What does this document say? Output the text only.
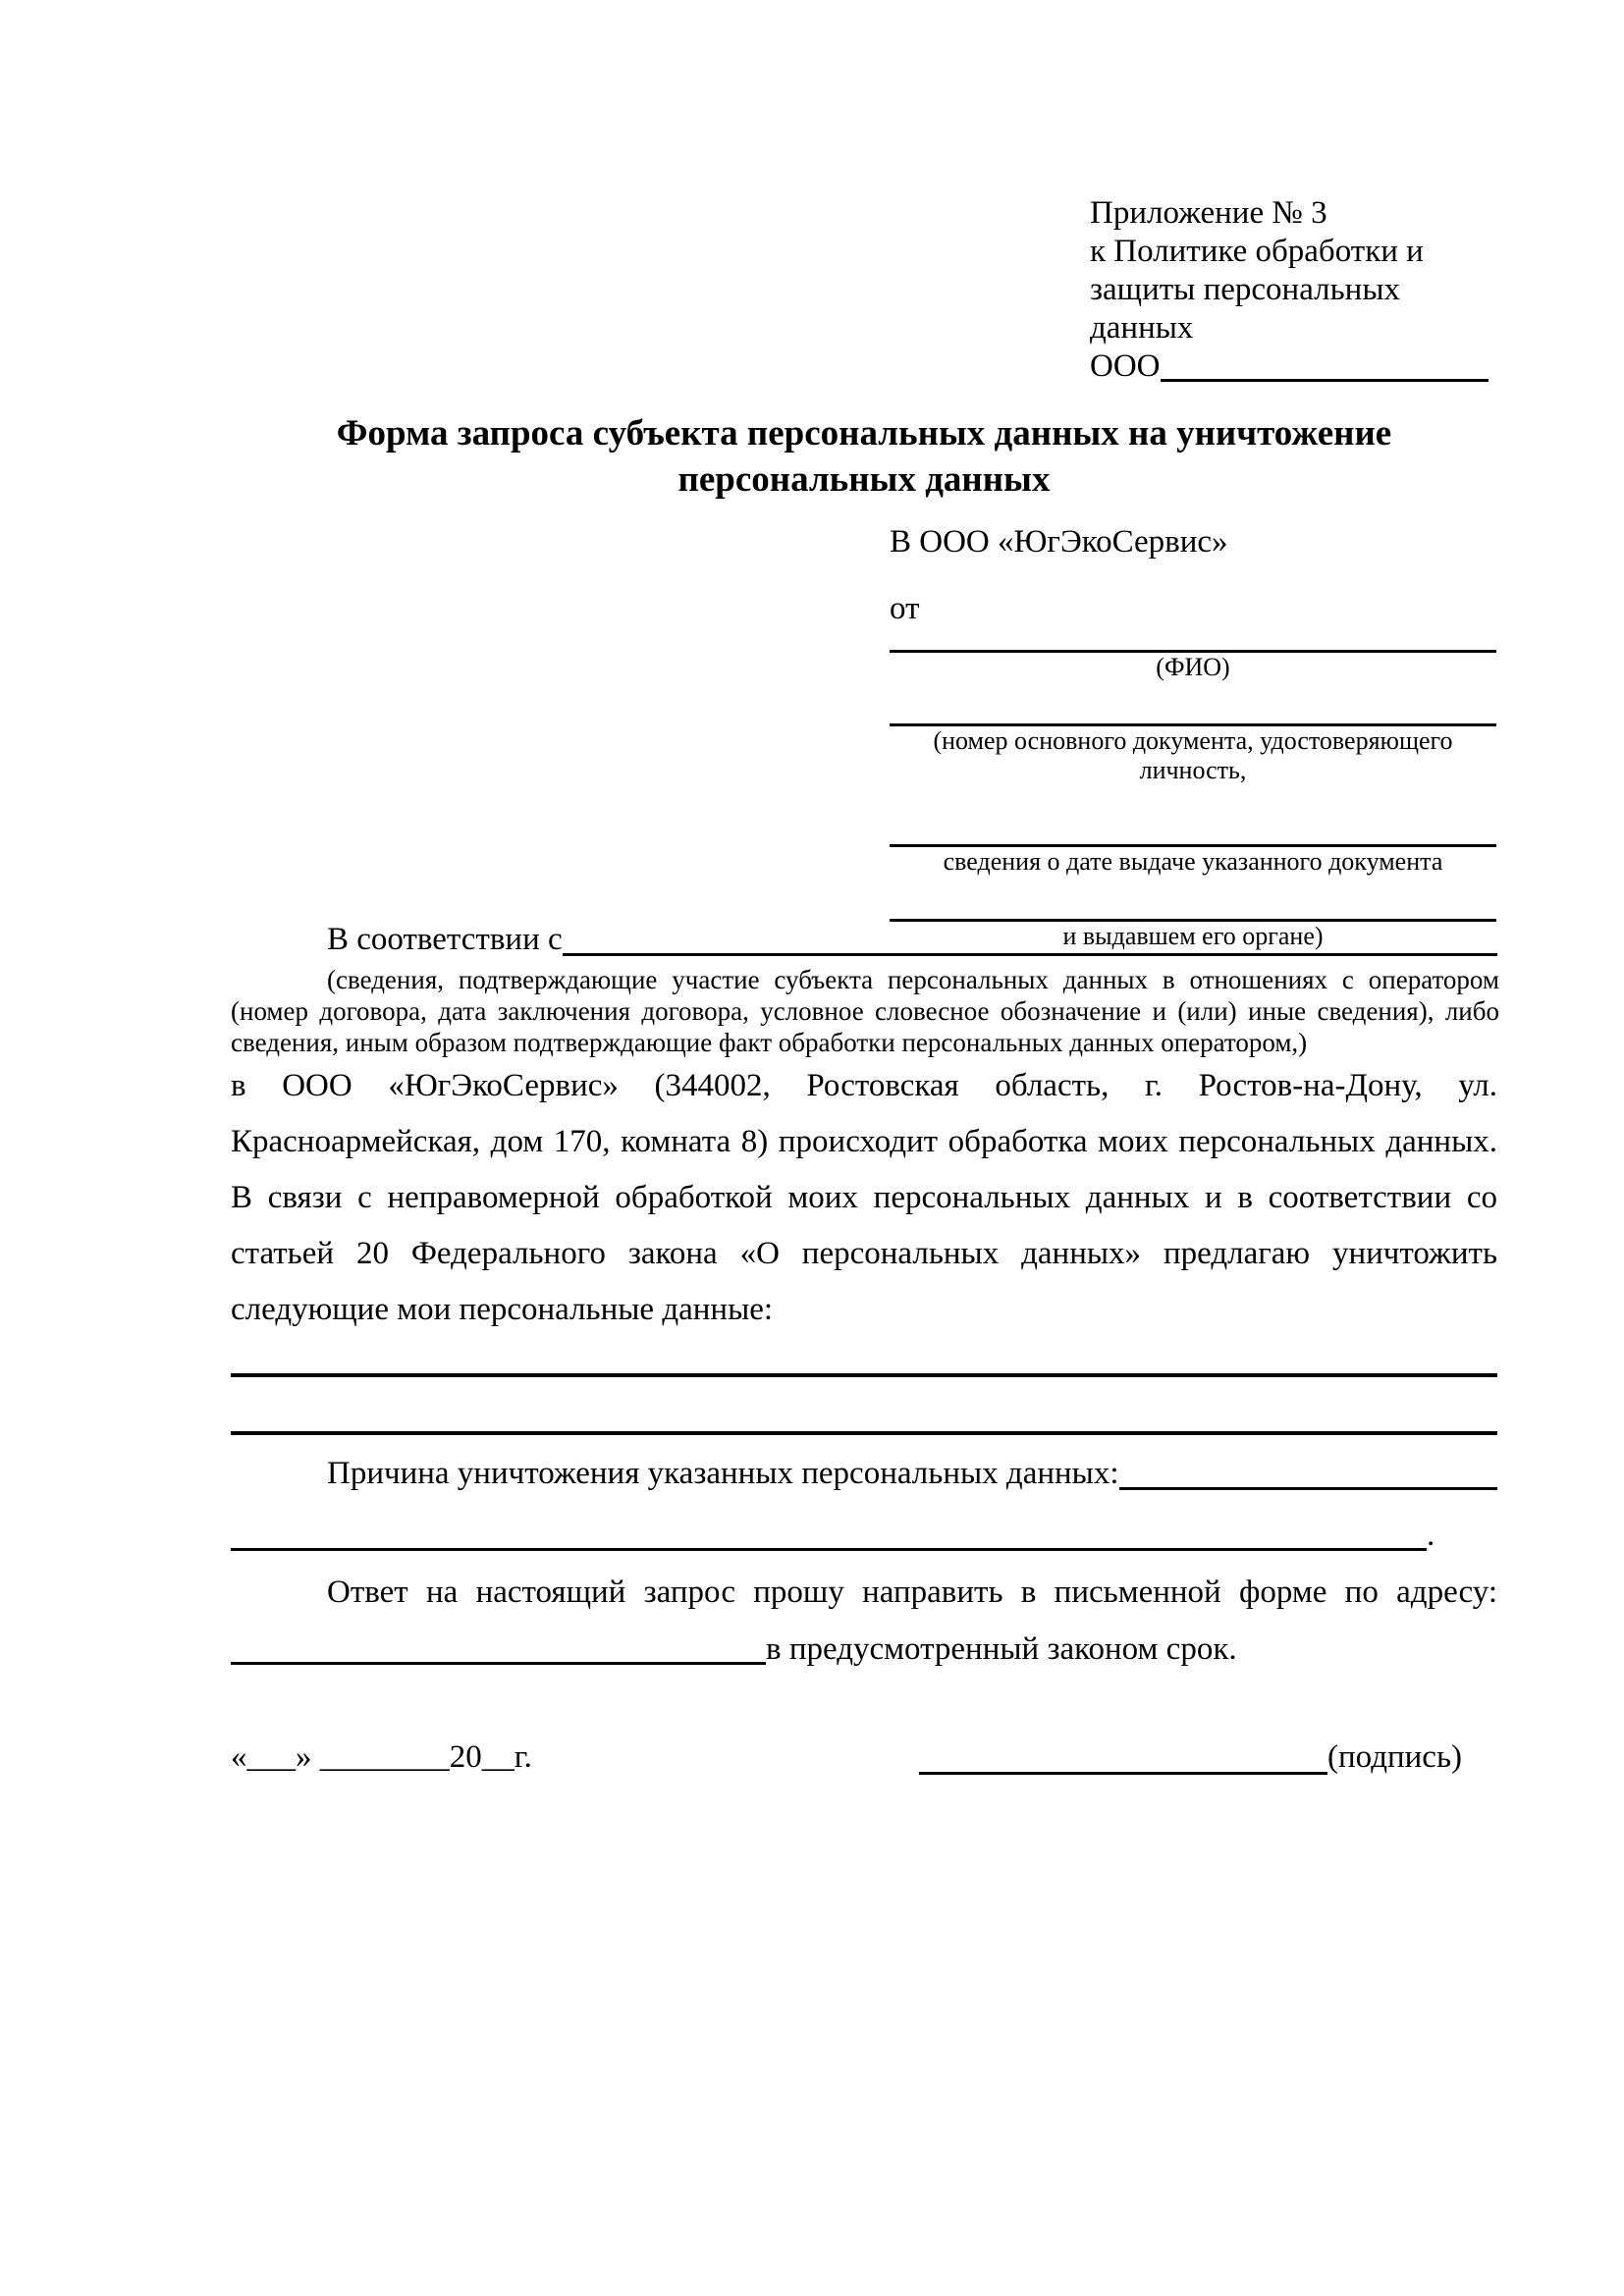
Приложение № 3
к Политике обработки и
защиты персональных данных
ООО
Форма запроса субъекта персональных данных на уничтожение персональных данных
В ООО «ЮгЭкоСервис»
от
(ФИО)
(номер основного документа, удостоверяющего личность,
сведения о дате выдаче указанного документа
и выдавшем его органе)
В соответствии с
(сведения, подтверждающие участие субъекта персональных данных в отношениях с оператором (номер договора, дата заключения договора, условное словесное обозначение и (или) иные сведения), либо сведения, иным образом подтверждающие факт обработки персональных данных оператором,)
в ООО «ЮгЭкоСервис» (344002, Ростовская область, г. Ростов-на-Дону, ул.
Красноармейская, дом 170, комната 8) происходит обработка моих персональных данных.
В связи с неправомерной обработкой моих персональных данных и в соответствии со
статьей 20 Федерального закона «О персональных данных» предлагаю уничтожить
следующие мои персональные данные:
Причина уничтожения указанных персональных данных:
.
Ответ на настоящий запрос прошу направить в письменной форме по адресу:
в предусмотренный законом срок.
«___» ________20__г.	(подпись)
